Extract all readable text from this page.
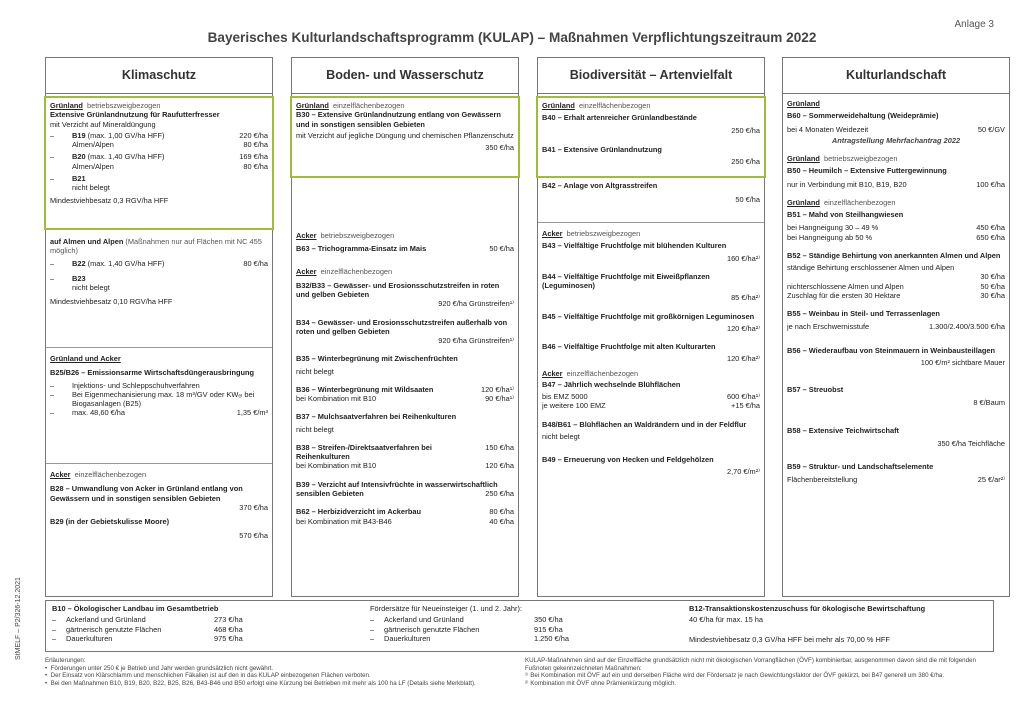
Anlage 3
Bayerisches Kulturlandschaftsprogramm (KULAP) – Maßnahmen Verpflichtungszeitraum 2022
StMELF – P2/326-12.2021
Klimaschutz
Grünland betriebszweigbezogen
Extensive Grünlandnutzung für Raufutterfresser
mit Verzicht auf Mineraldüngung
–	B19 (max. 1,00 GV/ha HFF)	220 €/ha
Almen/Alpen	80 €/ha
–	B20 (max. 1,40 GV/ha HFF)	169 €/ha
Almen/Alpen	80 €/ha
–	B21
nicht belegt
Mindestviehbesatz 0,3 RGV/ha HFF
auf Almen und Alpen (Maßnahmen nur auf Flächen mit NC 455 möglich)
–	B22 (max. 1,40 GV/ha HFF)	80 €/ha
–	B23
nicht belegt
Mindestviehbesatz 0,10 RGV/ha HFF
Grünland und Acker
B25/B26 – Emissionsarme Wirtschaftsdüngerausbringung
–	Injektions- und Schleppschuhverfahren
–	Bei Eigenmechanisierung max. 18 m³/GV oder KWₑₗ bei Biogasanlagen (B25)
–	max. 48,60 €/ha	1,35 €/m³
Acker einzelflächenbezogen
B28 – Umwandlung von Acker in Grünland entlang von Gewässern und in sonstigen sensiblen Gebieten
370 €/ha
B29 (in der Gebietskulisse Moore)
570 €/ha
Boden- und Wasserschutz
Grünland einzelflächenbezogen
B30 – Extensive Grünlandnutzung entlang von Gewässern und in sonstigen sensiblen Gebieten
mit Verzicht auf jegliche Düngung und chemischen Pflanzenschutz
350 €/ha
Acker betriebszweigbezogen
B63 – Trichogramma-Einsatz im Mais	50 €/ha
Acker einzelflächenbezogen
B32/B33 – Gewässer- und Erosionsschutzstreifen in roten und gelben Gebieten
920 €/ha Grünstreifen¹⁾
B34 – Gewässer- und Erosionsschutzstreifen außerhalb von roten und gelben Gebieten
920 €/ha Grünstreifen¹⁾
B35 – Winterbegrünung mit Zwischenfrüchten
nicht belegt
B36 – Winterbegrünung mit Wildsaaten	120 €/ha¹⁾
bei Kombination mit B10	90 €/ha¹⁾
B37 – Mulchsaatverfahren bei Reihenkulturen
nicht belegt
B38 – Streifen-/Direktsaatverfahren bei Reihenkulturen
150 €/ha
bei Kombination mit B10	120 €/ha
B39 – Verzicht auf Intensivfrüchte in wasserwirtschaftlich sensiblen Gebieten	250 €/ha
B62 – Herbizidverzicht im Ackerbau	80 €/ha
bei Kombination mit B43-B46	40 €/ha
Biodiversität – Artenvielfalt
Grünland einzelflächenbezogen
B40 – Erhalt artenreicher Grünlandbestände
250 €/ha
B41 – Extensive Grünlandnutzung
250 €/ha
B42 – Anlage von Altgrasstreifen
50 €/ha
Acker betriebszweigbezogen
B43 – Vielfältige Fruchtfolge mit blühenden Kulturen
160 €/ha²⁾
B44 – Vielfältige Fruchtfolge mit Eiweißpflanzen (Leguminosen)
85 €/ha²⁾
B45 – Vielfältige Fruchtfolge mit großkörnigen Leguminosen
120 €/ha²⁾
B46 – Vielfältige Fruchtfolge mit alten Kulturarten
120 €/ha²⁾
Acker einzelflächenbezogen
B47 – Jährlich wechselnde Blühflächen
bis EMZ 5000	600 €/ha¹⁾
je weitere 100 EMZ	+15 €/ha
B48/B61 – Blühflächen an Waldrändern und in der Feldflur
nicht belegt
B49 – Erneuerung von Hecken und Feldgehölzen
2,70 €/m²⁾
Kulturlandschaft
Grünland
B60 – Sommerweidehaltung (Weideprämie)
bei 4 Monaten Weidezeit	50 €/GV
Antragstellung Mehrfachantrag 2022
Grünland betriebszweigbezogen
B50 – Heumilch – Extensive Futtergewinnung
nur in Verbindung mit B10, B19, B20	100 €/ha
Grünland einzelflächenbezogen
B51 – Mahd von Steilhangwiesen
bei Hangneigung 30 – 49 %	450 €/ha
bei Hangneigung ab 50 %	650 €/ha
B52 – Ständige Behirtung von anerkannten Almen und Alpen
ständige Behirtung erschlossener Almen und Alpen
30 €/ha
nichterschlossene Almen und Alpen	50 €/ha
Zuschlag für die ersten 30 Hektare	30 €/ha
B55 – Weinbau in Steil- und Terrassenlagen
je nach Erschwernisstufe	1.300/2.400/3.500 €/ha
B56 – Wiederaufbau von Steinmauern in Weinbausteillagen
100 €/m² sichtbare Mauer
B57 – Streuobst
8 €/Baum
B58 – Extensive Teichwirtschaft
350 €/ha Teichfläche
B59 – Struktur- und Landschaftselemente
Flächenbereitstellung	25 €/ar²⁾
B10 – Ökologischer Landbau im Gesamtbetrieb
–	Ackerland und Grünland	273 €/ha
–	gärtnerisch genutzte Flächen	468 €/ha
–	Dauerkulturen	975 €/ha
Fördersätze für Neueinsteiger (1. und 2. Jahr):
–	Ackerland und Grünland	350 €/ha
–	gärtnerisch genutzte Flächen	915 €/ha
–	Dauerkulturen	1.250 €/ha
B12-Transaktionskostenzuschuss für ökologische Bewirtschaftung
40 €/ha für max. 15 ha
Mindestviehbesatz 0,3 GV/ha HFF bei mehr als 70,00 % HFF
Erläuterungen:
•  Förderungen unter 250 € je Betrieb und Jahr werden grundsätzlich nicht gewährt.
•  Der Einsatz von Klärschlamm und menschlichen Fäkalien ist auf den in das KULAP einbezogenen Flächen verboten.
•  Bei den Maßnahmen B10, B19, B20, B22, B25, B26, B43-B46 und B50 erfolgt eine Kürzung bei Betrieben mit mehr als 100 ha LF (Details siehe Merkblatt).
KULAP-Maßnahmen sind auf der Einzelfläche grundsätzlich nicht mit ökologischen Vorrangflächen (ÖVF) kombinierbar, ausgenommen davon sind die mit folgenden Fußnoten gekennzeichneten Maßnahmen:
¹⁾ Bei Kombination mit ÖVF auf ein und derselben Fläche wird der Fördersatz je nach Gewichtungsfaktor der ÖVF gekürzt, bei B47 generell um 380 €/ha.
²⁾ Kombination mit ÖVF ohne Prämienkürzung möglich.
